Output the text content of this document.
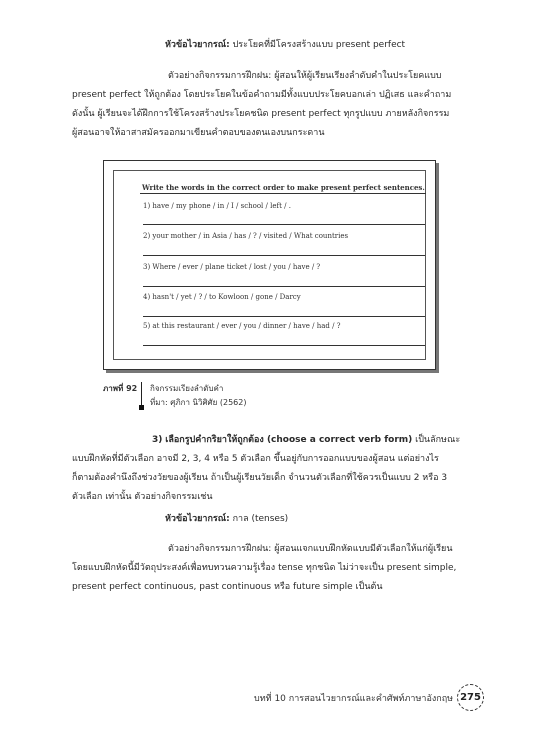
หัวข้อไวยากรณ์: ประโยคที่มีโครงสร้างแบบ present perfect
ตัวอย่างกิจกรรมการฝึกฝน: ผู้สอนให้ผู้เรียนเรียงลำดับคำในประโยคแบบ
present perfect ให้ถูกต้อง โดยประโยคในข้อคำถามมีทั้งแบบประโยคบอกเล่า ปฏิเสธ และคำถาม
ดังนั้น ผู้เรียนจะได้ฝึกการใช้โครงสร้างประโยคชนิด present perfect ทุกรูปแบบ ภายหลังกิจกรรม
ผู้สอนอาจให้อาสาสมัครออกมาเขียนคำตอบของตนเองบนกระดาน
Write the words in the correct order to make present perfect sentences.
1) have / my phone / in / I / school / left / .
2) your mother / in Asia / has / ? / visited / What countries
3) Where / ever / plane ticket / lost / you / have / ?
4) hasn't / yet / ? / to Kowloon / gone / Darcy
5) at this restaurant / ever / you / dinner / have / had / ?
ภาพที่ 92 กิจกรรมเรียงลำดับคำ
ที่มา: ศุภิกา นิวิศิศัย (2562)
3) เลือกรูปคำกริยาให้ถูกต้อง (choose a correct verb form) เป็นลักษณะ
แบบฝึกหัดที่มีตัวเลือก อาจมี 2, 3, 4 หรือ 5 ตัวเลือก ขึ้นอยู่กับการออกแบบของผู้สอน แต่อย่างไร
ก็ตามต้องคำนึงถึงช่วงวัยของผู้เรียน ถ้าเป็นผู้เรียนวัยเด็ก จำนวนตัวเลือกที่ใช้ควรเป็นแบบ 2 หรือ 3
ตัวเลือก เท่านั้น ตัวอย่างกิจกรรมเช่น
หัวข้อไวยากรณ์: กาล (tenses)
ตัวอย่างกิจกรรมการฝึกฝน: ผู้สอนแจกแบบฝึกหัดแบบมีตัวเลือกให้แก่ผู้เรียน
โดยแบบฝึกหัดนี้มีวัตถุประสงค์เพื่อทบทวนความรู้เรื่อง tense ทุกชนิด ไม่ว่าจะเป็น present simple,
present perfect continuous, past continuous หรือ future simple เป็นต้น
บทที่ 10 การสอนไวยากรณ์และคำศัพท์ภาษาอังกฤษ 275
